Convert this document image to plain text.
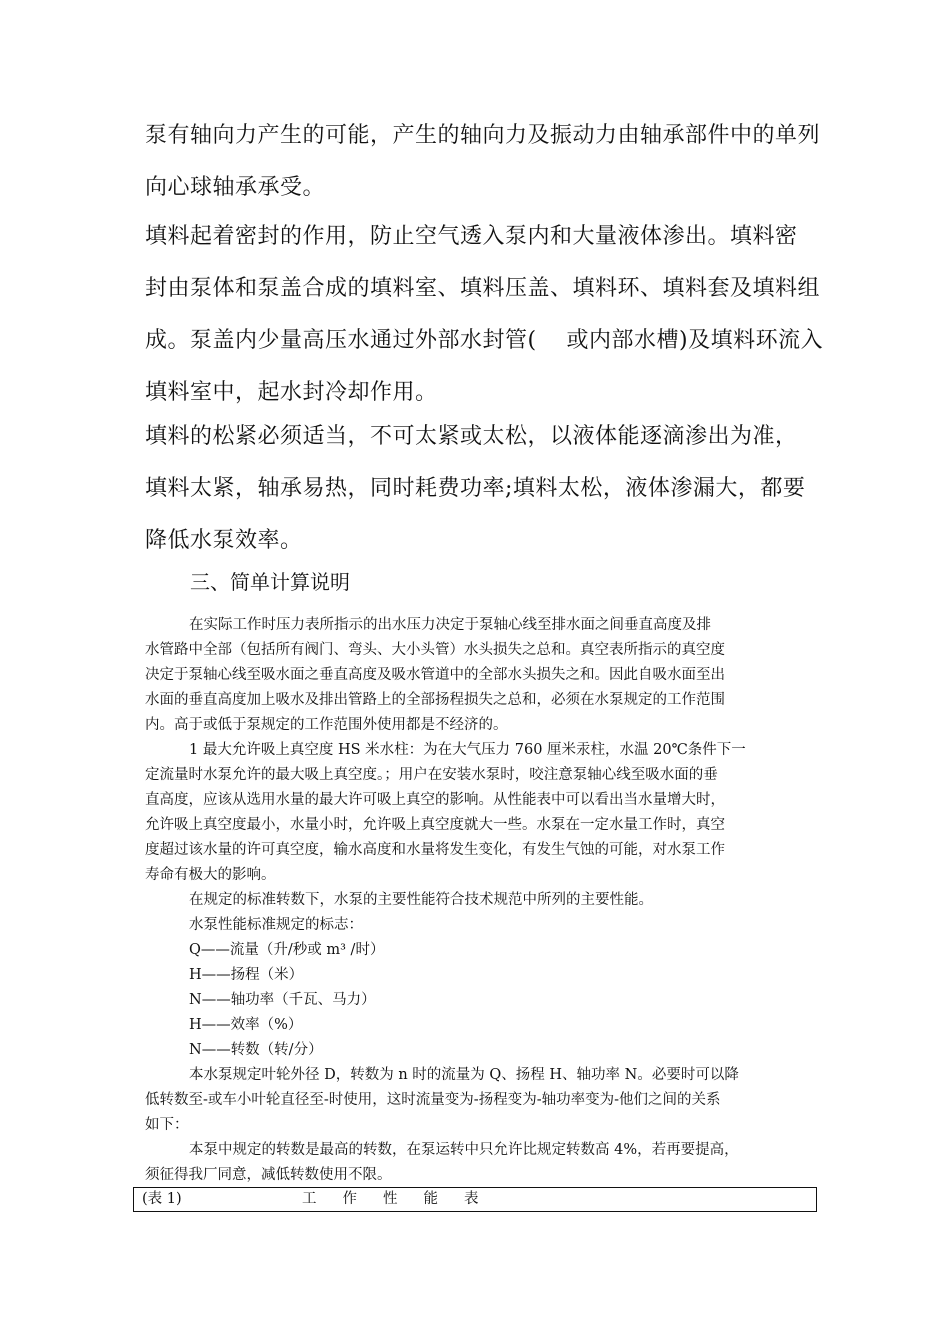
泵有轴向力产生的可能，产生的轴向力及振动力由轴承部件中的单列
向心球轴承承受。
填料起着密封的作用，防止空气透入泵内和大量液体渗出。填料密
封由泵体和泵盖合成的填料室、填料压盖、填料环、填料套及填料组
成。泵盖内少量高压水通过外部水封管(    或内部水槽)及填料环流入
填料室中，起水封冷却作用。
填料的松紧必须适当，不可太紧或太松，以液体能逐滴渗出为准，
填料太紧，轴承易热，同时耗费功率;填料太松，液体渗漏大，都要
降低水泵效率。
三、简单计算说明
在实际工作时压力表所指示的出水压力决定于泵轴心线至排水面之间垂直高度及排
水管路中全部（包括所有阀门、弯头、大小头管）水头损失之总和。真空表所指示的真空度
决定于泵轴心线至吸水面之垂直高度及吸水管道中的全部水头损失之和。因此自吸水面至出
水面的垂直高度加上吸水及排出管路上的全部扬程损失之总和，必须在水泵规定的工作范围
内。高于或低于泵规定的工作范围外使用都是不经济的。
1 最大允许吸上真空度 HS 米水柱：为在大气压力 760 厘米汞柱，水温 20℃条件下一
定流量时水泵允许的最大吸上真空度。；用户在安装水泵时，咬注意泵轴心线至吸水面的垂
直高度，应该从选用水量的最大许可吸上真空的影响。从性能表中可以看出当水量增大时，
允许吸上真空度最小，水量小时，允许吸上真空度就大一些。水泵在一定水量工作时，真空
度超过该水量的许可真空度，输水高度和水量将发生变化，有发生气蚀的可能，对水泵工作
寿命有极大的影响。
在规定的标准转数下，水泵的主要性能符合技术规范中所列的主要性能。
水泵性能标准规定的标志：
Q——流量（升/秒或 m³ /时）
H——扬程（米）
N——轴功率（千瓦、马力）
H——效率（%）
N——转数（转/分）
本水泵规定叶轮外径 D，转数为 n 时的流量为 Q、扬程 H、轴功率 N。必要时可以降
低转数至-或车小叶轮直径至-时使用，这时流量变为-扬程变为-轴功率变为-他们之间的关系
如下：
本泵中规定的转数是最高的转数，在泵运转中只允许比规定转数高 4%，若再要提高，
须征得我厂同意，减低转数使用不限。
(表 1)	工作性能表
